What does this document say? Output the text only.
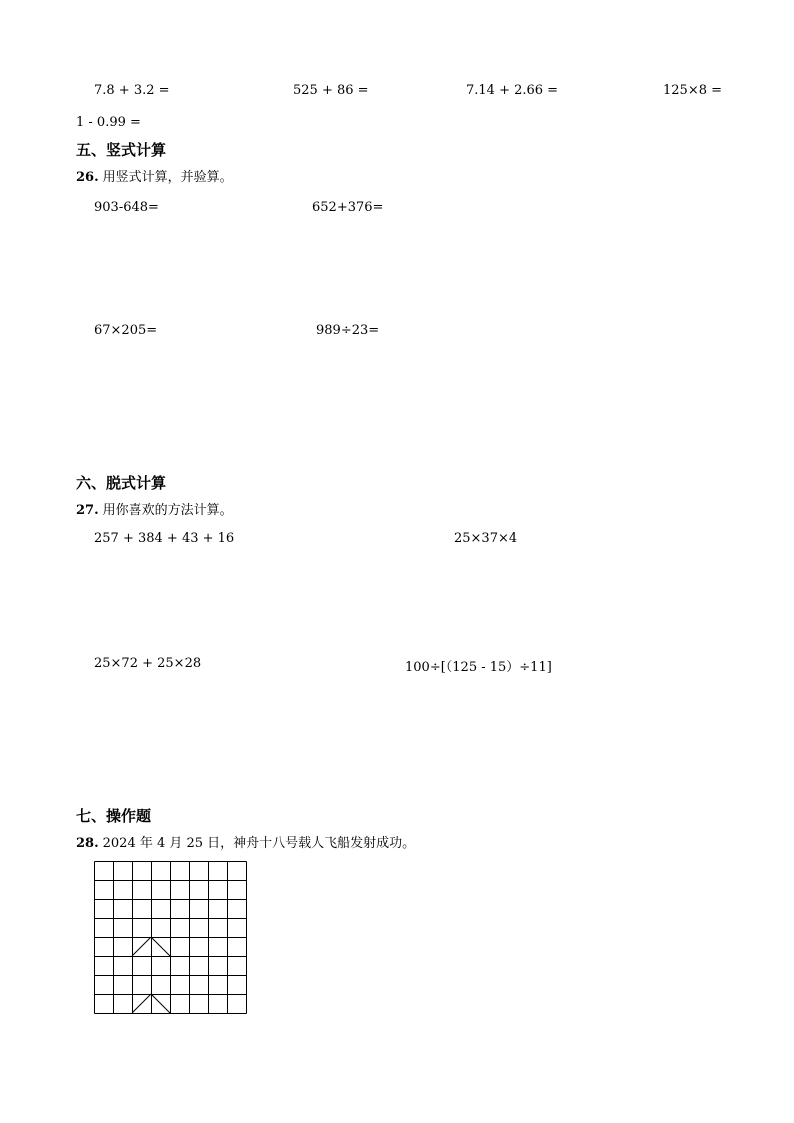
7.8 + 3.2 =	525 + 86 =	7.14 + 2.66 =	125×8 =
1 - 0.99 =
五、竖式计算
26. 用竖式计算，并验算。
903-648=	652+376=
67×205=	989÷23=
六、脱式计算
27. 用你喜欢的方法计算。
257 + 384 + 43 + 16	25×37×4
25×72 + 25×28	100÷[（125 - 15）÷11]
七、操作题
28. 2024 年 4 月 25 日，神舟十八号载人飞船发射成功。
